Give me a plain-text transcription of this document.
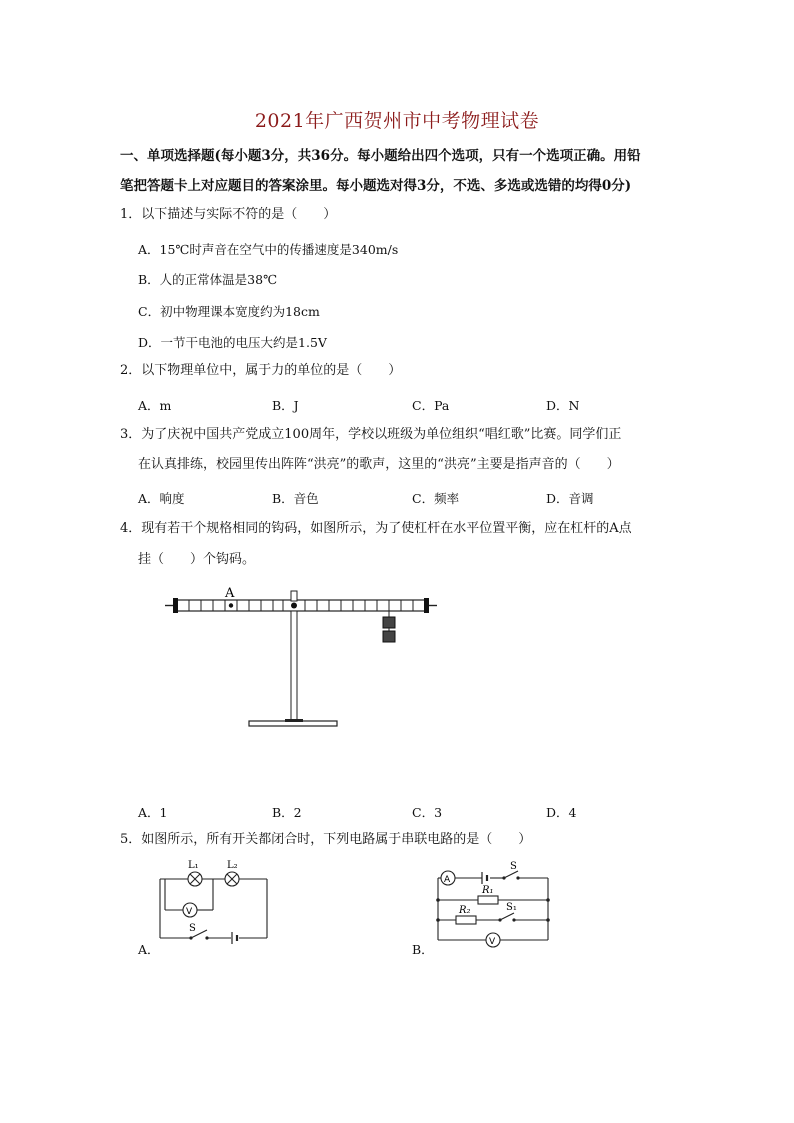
2021年广西贺州市中考物理试卷
一、单项选择题(每小题3分，共36分。每小题给出四个选项，只有一个选项正确。用铅
笔把答题卡上对应题目的答案涂里。每小题选对得3分，不选、多选或选错的均得0分)
1．以下描述与实际不符的是（　　）
A．15℃时声音在空气中的传播速度是340m/s
B．人的正常体温是38℃
C．初中物理课本宽度约为18cm
D．一节干电池的电压大约是1.5V
2．以下物理单位中，属于力的单位的是（　　）
A．m	B．J	C．Pa	D．N
3．为了庆祝中国共产党成立100周年，学校以班级为单位组织“唱红歌”比赛。同学们正
在认真排练，校园里传出阵阵“洪亮”的歌声，这里的“洪亮”主要是指声音的（　　）
A．响度	B．音色	C．频率	D．音调
4．现有若干个规格相同的钩码，如图所示，为了使杠杆在水平位置平衡，应在杠杆的A点
挂（　　）个钩码。
A
A．1	B．2	C．3	D．4
5．如图所示，所有开关都闭合时，下列电路属于串联电路的是（　　）
A．
V
L₁	L₂
S
B．
A
V
S
R₁
R₂	S₁
